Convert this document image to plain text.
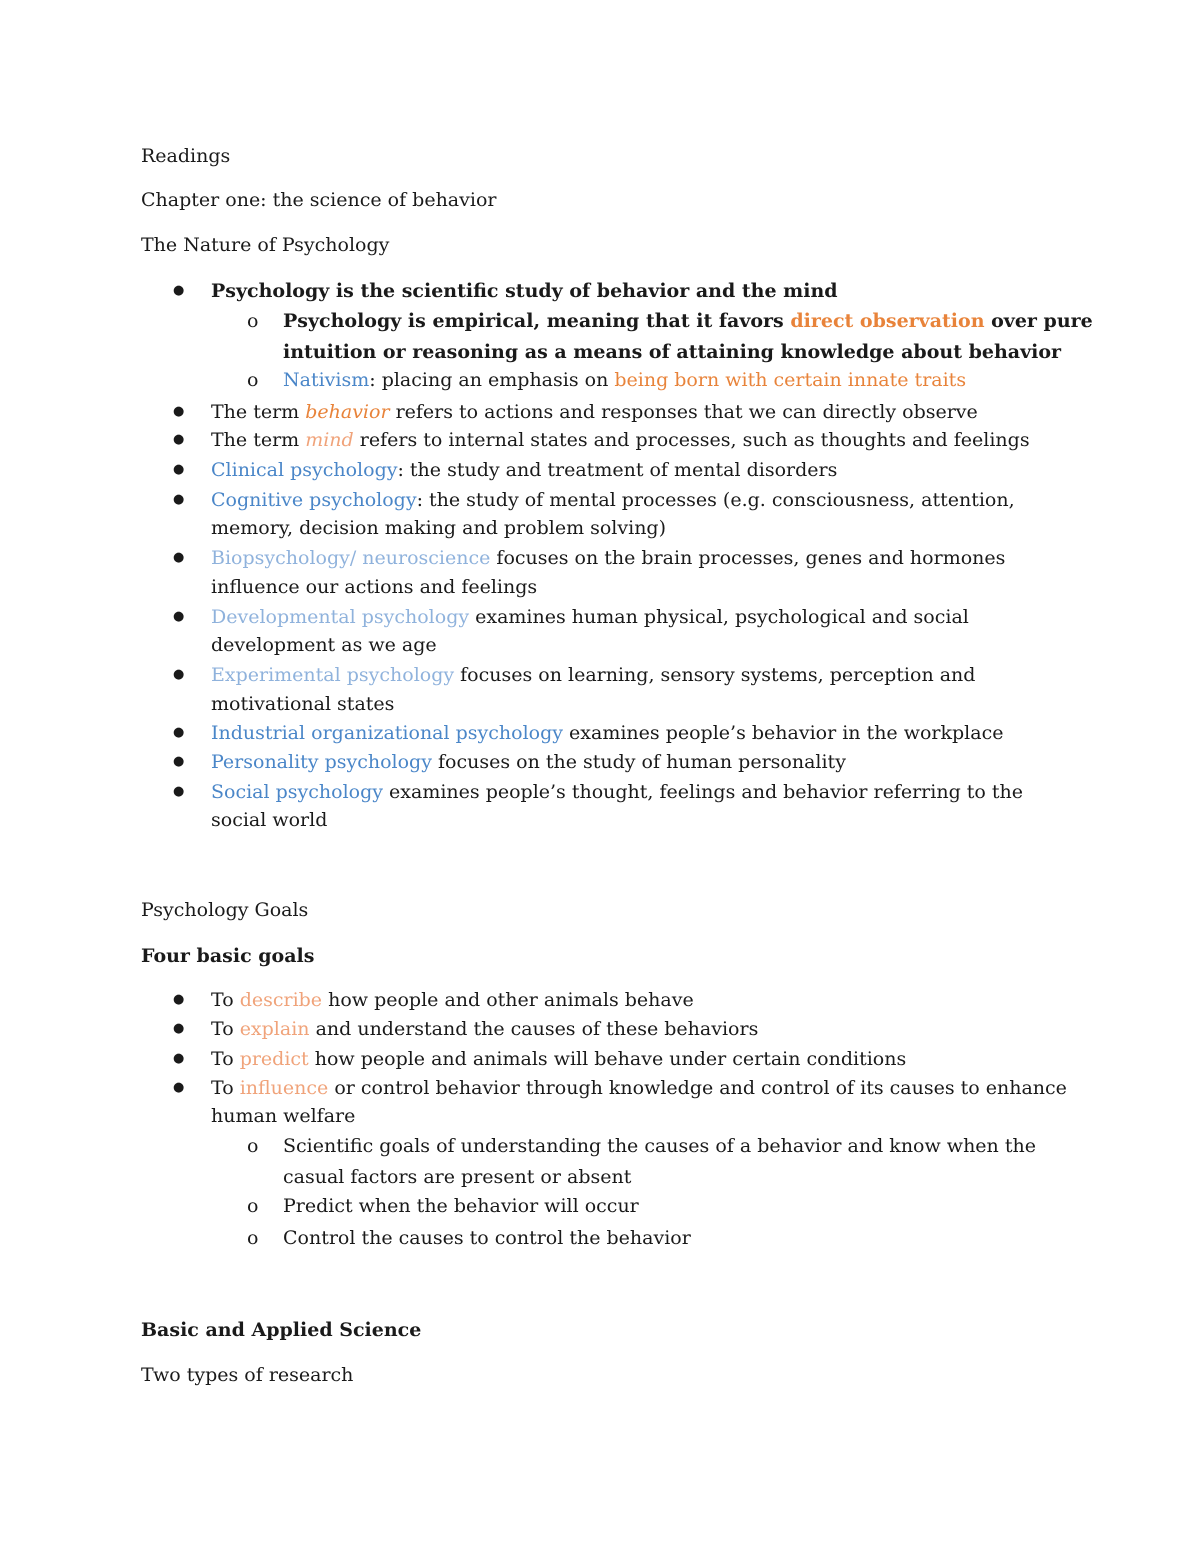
Readings

Chapter one: the science of behavior

The Nature of Psychology

● Psychology is the scientific study of behavior and the mind
o Psychology is empirical, meaning that it favors direct observation over pure
intuition or reasoning as a means of attaining knowledge about behavior
o Nativism: placing an emphasis on being born with certain innate traits
● The term behavior refers to actions and responses that we can directly observe
● The term mind refers to internal states and processes, such as thoughts and feelings
● Clinical psychology: the study and treatment of mental disorders
● Cognitive psychology: the study of mental processes (e.g. consciousness, attention,
memory, decision making and problem solving)
● Biopsychology/ neuroscience focuses on the brain processes, genes and hormones
influence our actions and feelings
● Developmental psychology examines human physical, psychological and social
development as we age
● Experimental psychology focuses on learning, sensory systems, perception and
motivational states
● Industrial organizational psychology examines people’s behavior in the workplace
● Personality psychology focuses on the study of human personality
● Social psychology examines people’s thought, feelings and behavior referring to the
social world

Psychology Goals

Four basic goals

● To describe how people and other animals behave
● To explain and understand the causes of these behaviors
● To predict how people and animals will behave under certain conditions
● To influence or control behavior through knowledge and control of its causes to enhance
human welfare
o Scientific goals of understanding the causes of a behavior and know when the
casual factors are present or absent
o Predict when the behavior will occur
o Control the causes to control the behavior

Basic and Applied Science

Two types of research
